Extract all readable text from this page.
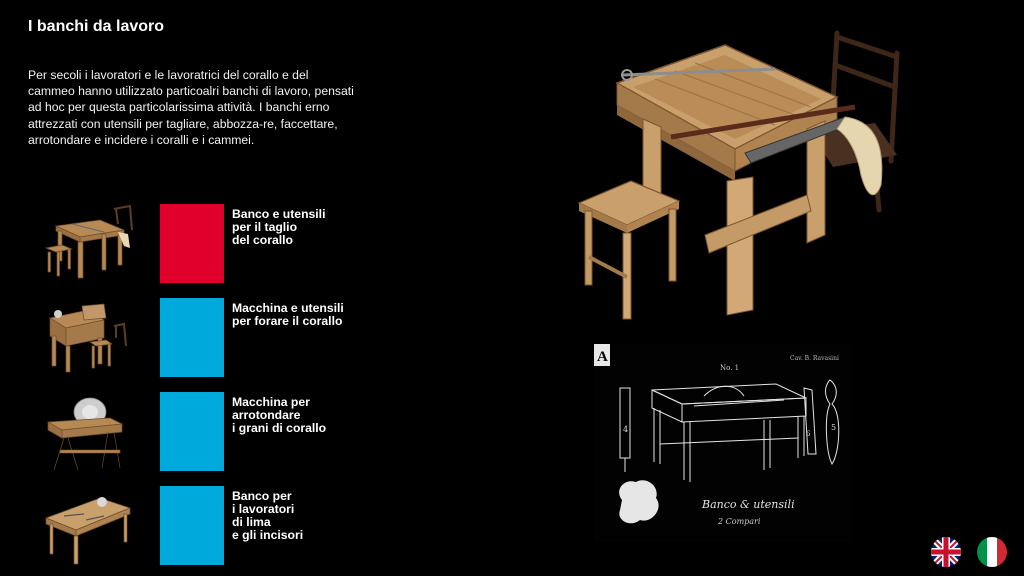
I banchi da lavoro
Per secoli i lavoratori e le lavoratrici del corallo e del cammeo hanno utilizzato particoalri banchi di lavoro, pensati ad hoc per questa particolarissima attività. I banchi erno attrezzati con utensili per tagliare, abbozza-re, faccettare, arrotondare e incidere i coralli e i cammei.
Banco e utensili
per il taglio
del corallo
Macchina e utensili
per forare il corallo
Macchina per
arrotondare
i grani di corallo
Banco per
i lavoratori
di lima
e gli incisori
A	Cav. B. Ravasini
No. 1
4	5
6
Banco & utensili
2 Compari
